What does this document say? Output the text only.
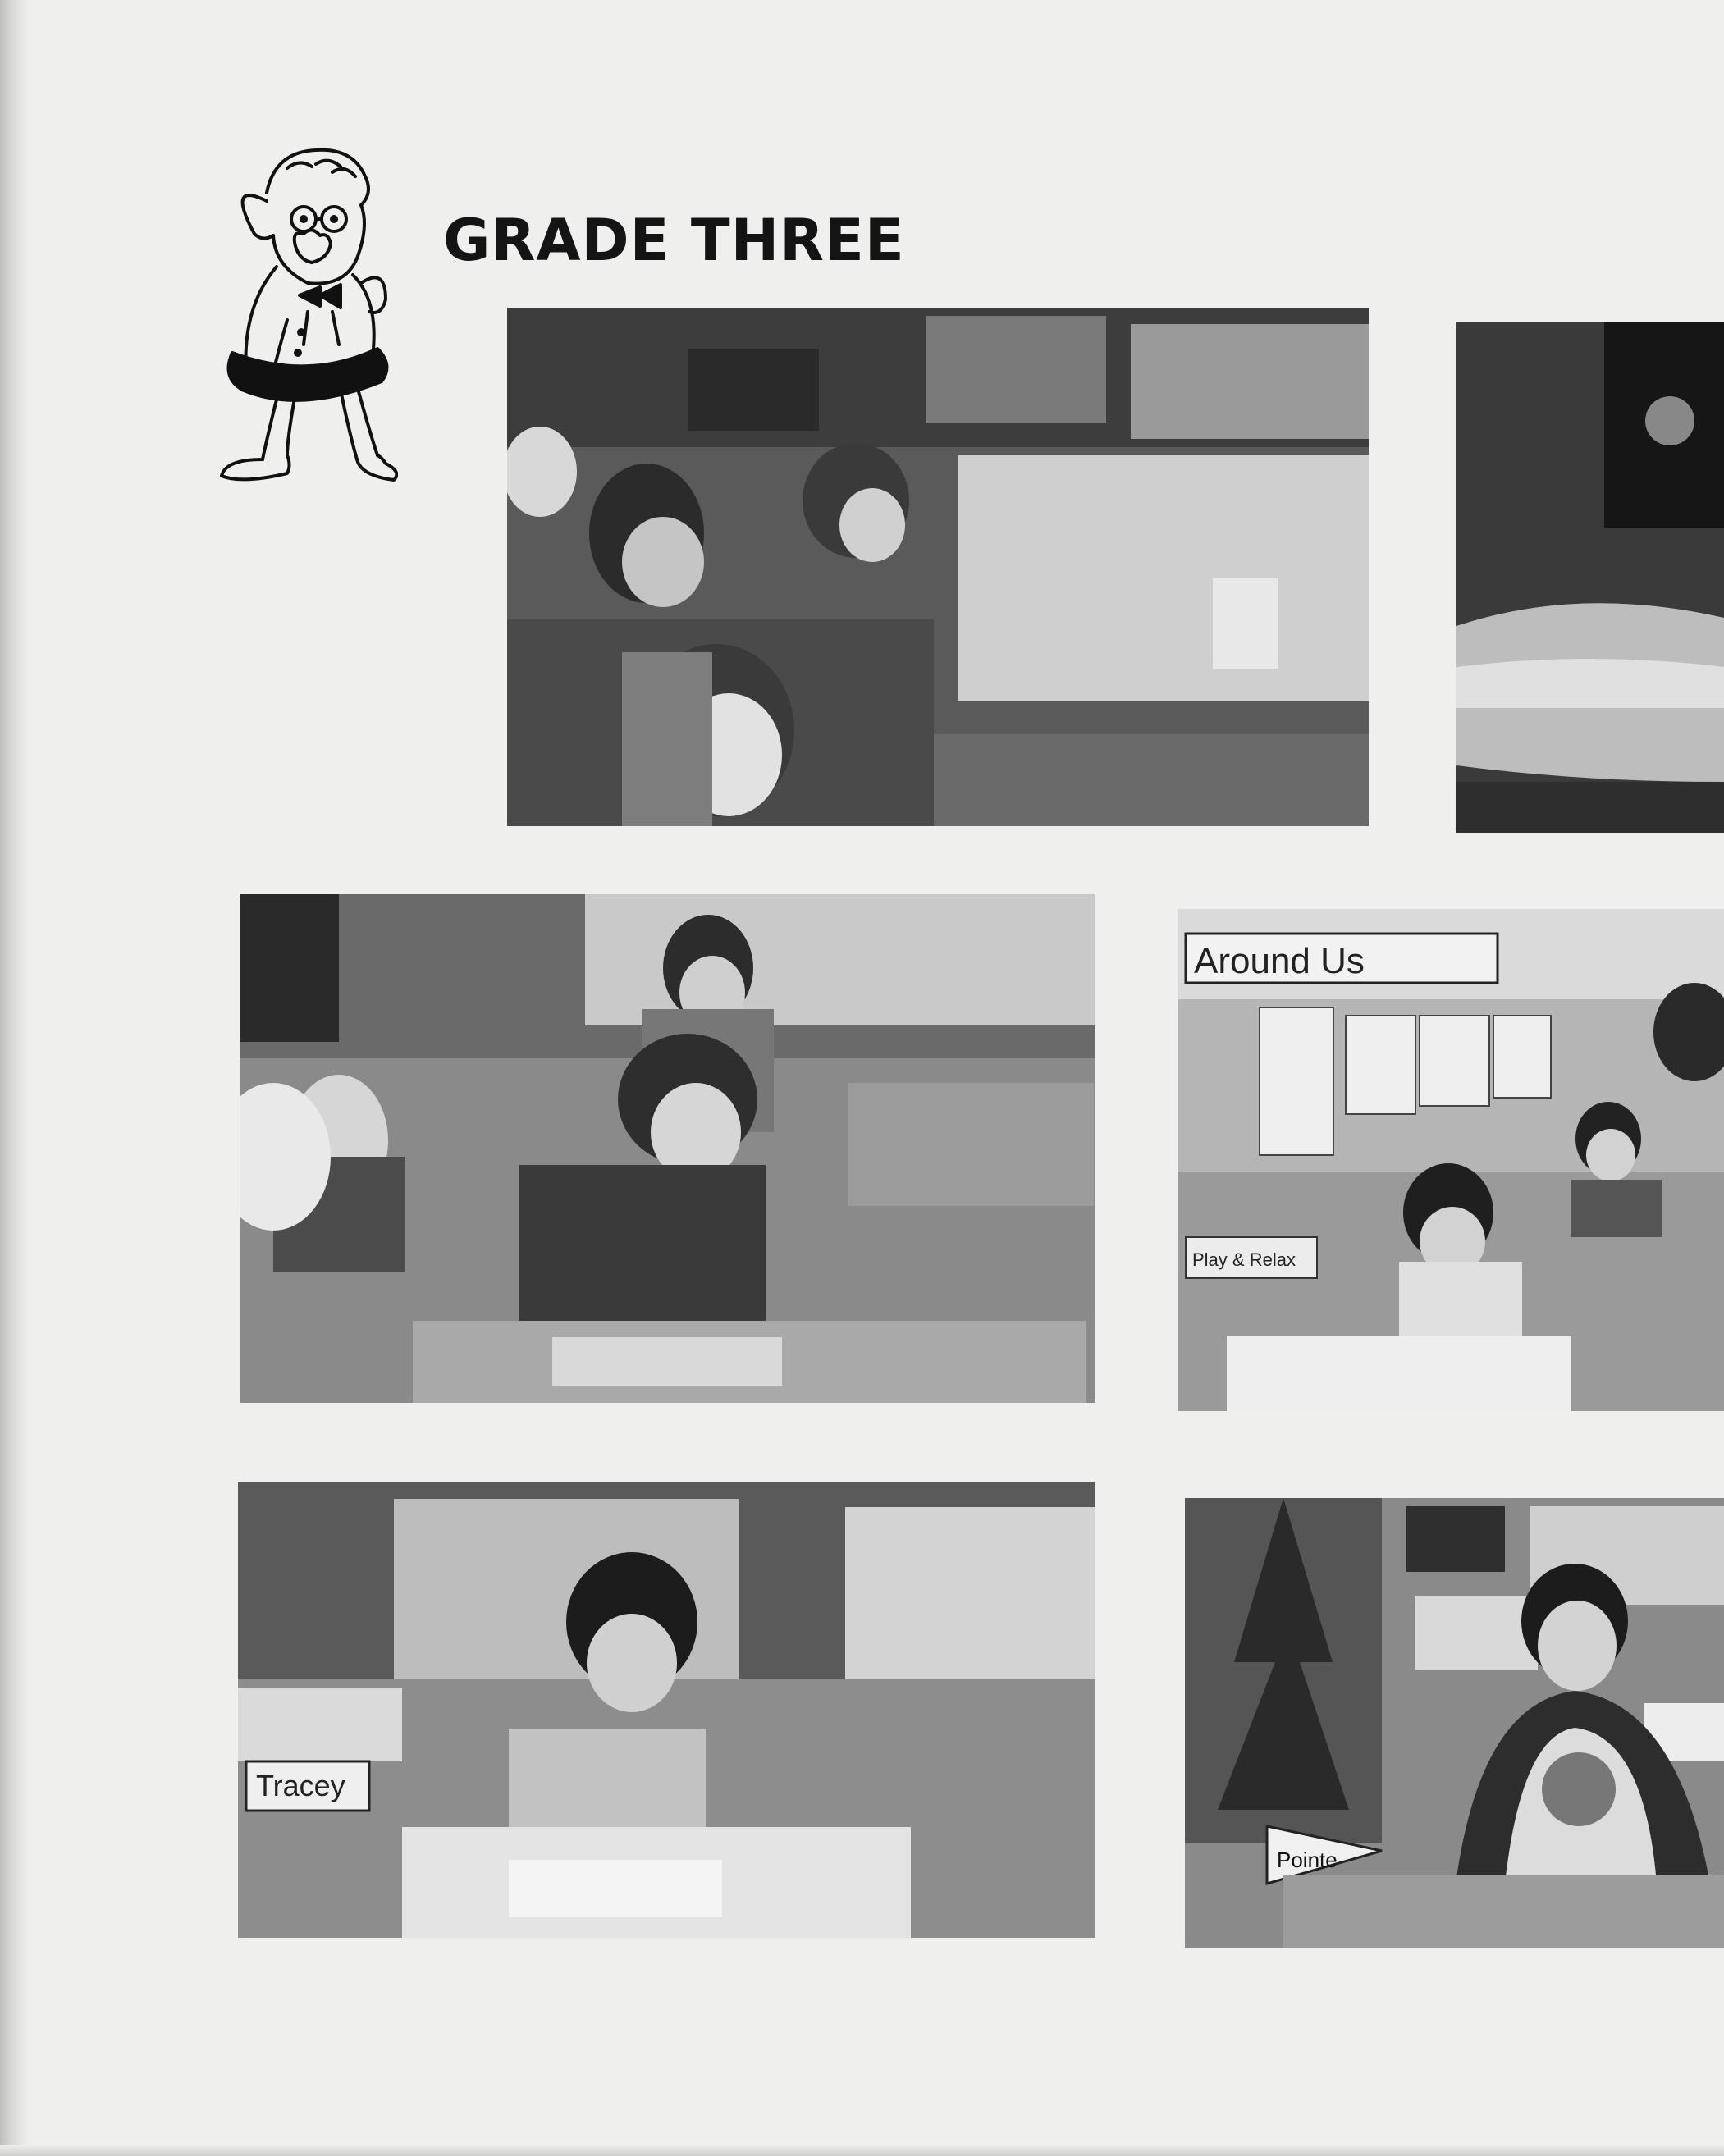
GRADE THREE
Around Us
Play & Relax
Tracey
Pointe
